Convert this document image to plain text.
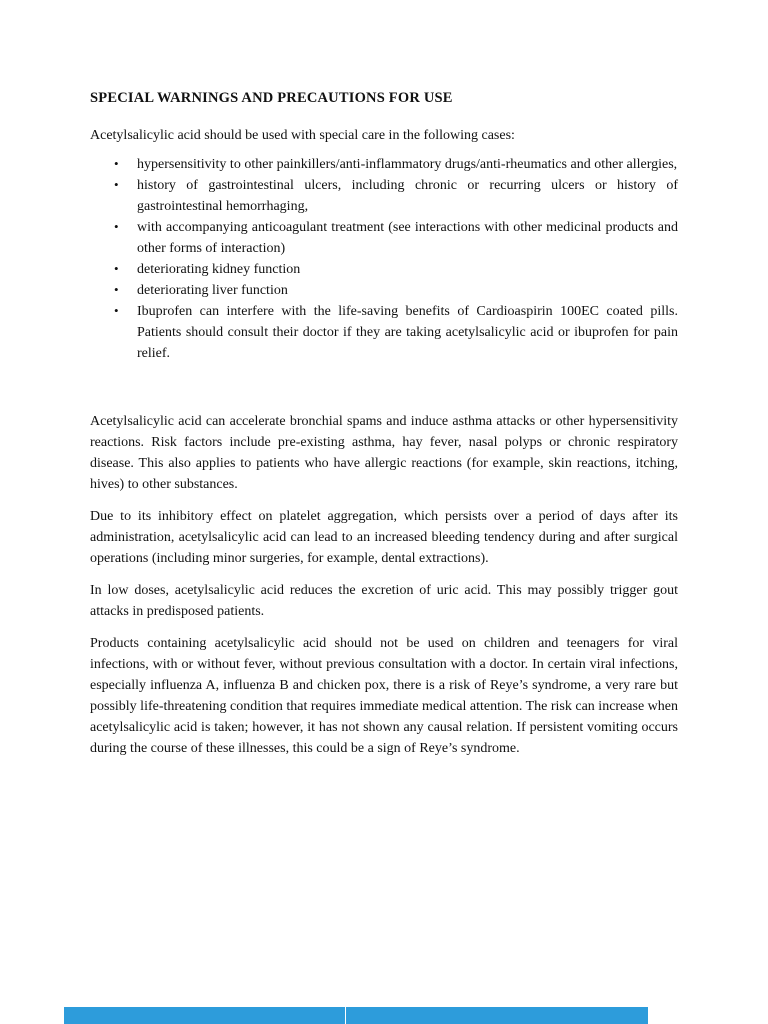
SPECIAL WARNINGS AND PRECAUTIONS FOR USE

Acetylsalicylic acid should be used with special care in the following cases:

• hypersensitivity to other painkillers/anti-inflammatory drugs/anti-rheumatics and other allergies,
• history of gastrointestinal ulcers, including chronic or recurring ulcers or history of gastrointestinal hemorrhaging,
• with accompanying anticoagulant treatment (see interactions with other medicinal products and other forms of interaction)
• deteriorating kidney function
• deteriorating liver function
• Ibuprofen can interfere with the life-saving benefits of Cardioaspirin 100EC coated pills. Patients should consult their doctor if they are taking acetylsalicylic acid or ibuprofen for pain relief.

Acetylsalicylic acid can accelerate bronchial spams and induce asthma attacks or other hypersensitivity reactions. Risk factors include pre-existing asthma, hay fever, nasal polyps or chronic respiratory disease. This also applies to patients who have allergic reactions (for example, skin reactions, itching, hives) to other substances.

Due to its inhibitory effect on platelet aggregation, which persists over a period of days after its administration, acetylsalicylic acid can lead to an increased bleeding tendency during and after surgical operations (including minor surgeries, for example, dental extractions).

In low doses, acetylsalicylic acid reduces the excretion of uric acid. This may possibly trigger gout attacks in predisposed patients.

Products containing acetylsalicylic acid should not be used on children and teenagers for viral infections, with or without fever, without previous consultation with a doctor. In certain viral infections, especially influenza A, influenza B and chicken pox, there is a risk of Reye’s syndrome, a very rare but possibly life-threatening condition that requires immediate medical attention. The risk can increase when acetylsalicylic acid is taken; however, it has not shown any causal relation. If persistent vomiting occurs during the course of these illnesses, this could be a sign of Reye’s syndrome.
